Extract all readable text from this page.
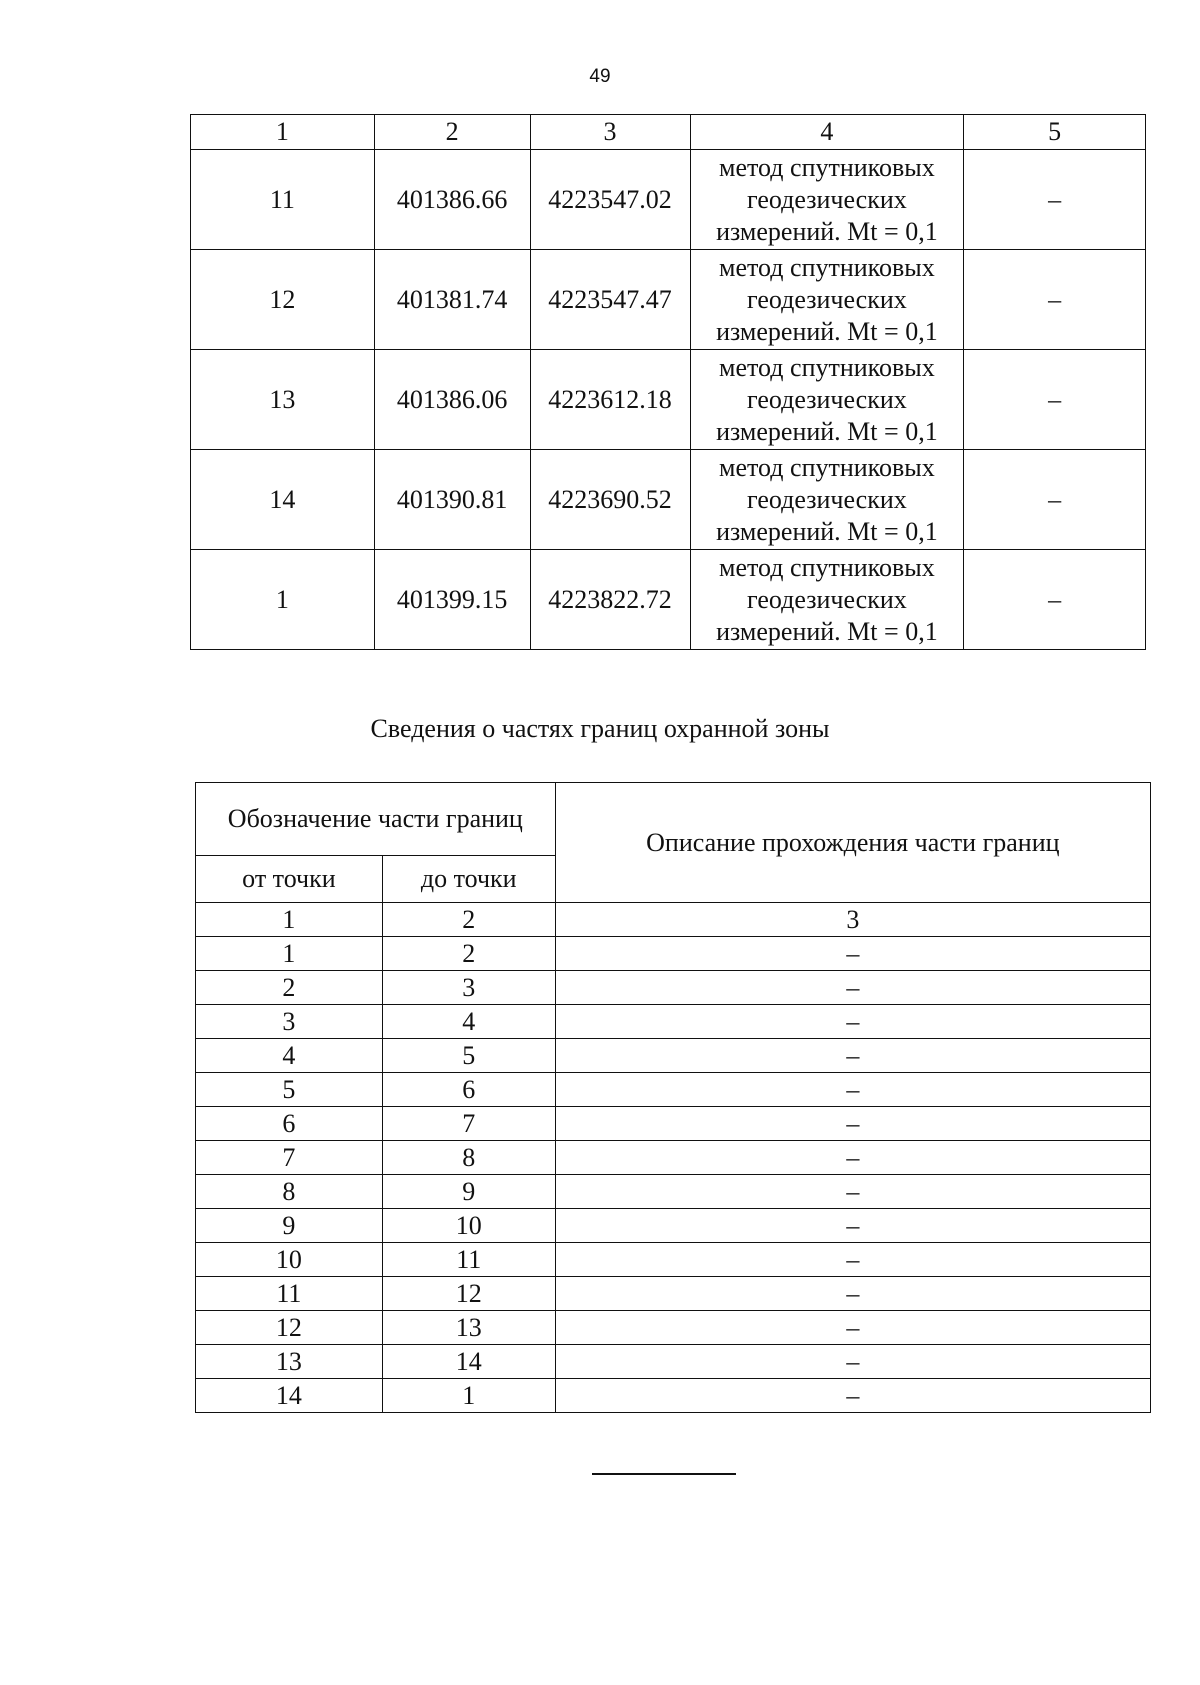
49
1	2	3	4	5
11	401386.66	4223547.02	метод спутниковых
геодезических
измерений. Mt = 0,1	–
12	401381.74	4223547.47	метод спутниковых
геодезических
измерений. Mt = 0,1	–
13	401386.06	4223612.18	метод спутниковых
геодезических
измерений. Mt = 0,1	–
14	401390.81	4223690.52	метод спутниковых
геодезических
измерений. Mt = 0,1	–
1	401399.15	4223822.72	метод спутниковых
геодезических
измерений. Mt = 0,1	–
Сведения о частях границ охранной зоны
Обозначение части границ		Описание прохождения части границ
от точки	до точки	
1	2	3
1	2	–
2	3	–
3	4	–
4	5	–
5	6	–
6	7	–
7	8	–
8	9	–
9	10	–
10	11	–
11	12	–
12	13	–
13	14	–
14	1	–
